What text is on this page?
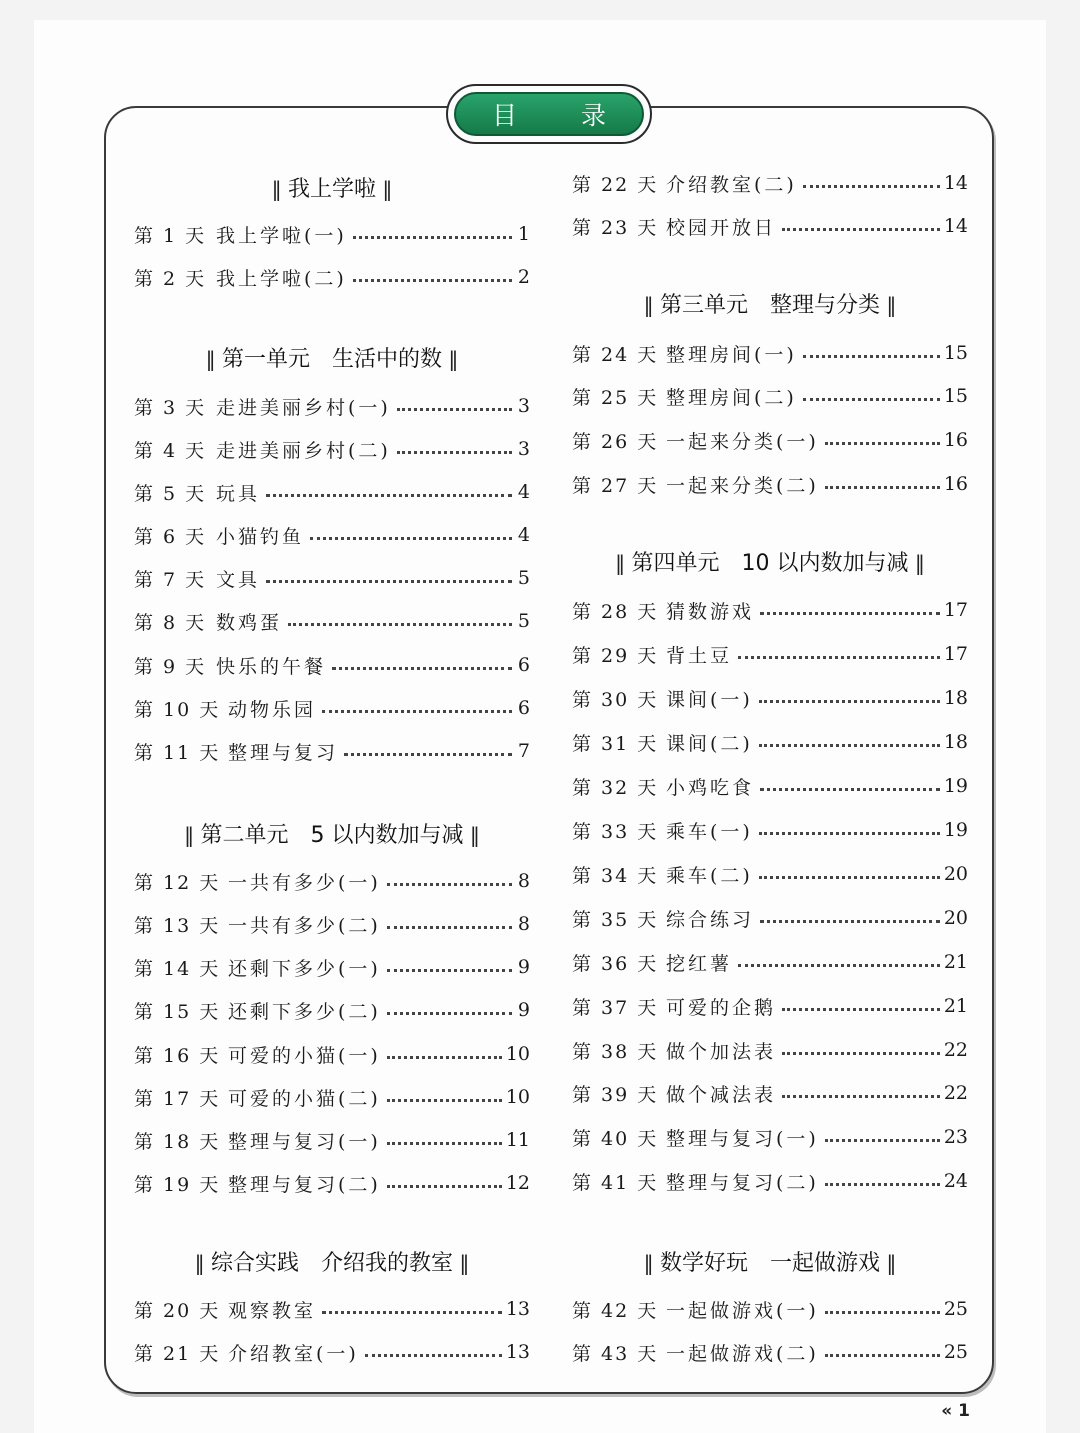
目 录
‖ 我上学啦 ‖
第 1 天 我上学啦(一)	1
第 2 天 我上学啦(二)	2
‖ 第一单元　生活中的数 ‖
第 3 天 走进美丽乡村(一)	3
第 4 天 走进美丽乡村(二)	3
第 5 天 玩具	4
第 6 天 小猫钓鱼	4
第 7 天 文具	5
第 8 天 数鸡蛋	5
第 9 天 快乐的午餐	6
第 10 天 动物乐园	6
第 11 天 整理与复习	7
‖ 第二单元　5 以内数加与减 ‖
第 12 天 一共有多少(一)	8
第 13 天 一共有多少(二)	8
第 14 天 还剩下多少(一)	9
第 15 天 还剩下多少(二)	9
第 16 天 可爱的小猫(一)	10
第 17 天 可爱的小猫(二)	10
第 18 天 整理与复习(一)	11
第 19 天 整理与复习(二)	12
‖ 综合实践　介绍我的教室 ‖
第 20 天 观察教室	13
第 21 天 介绍教室(一)	13
第 22 天 介绍教室(二)	14
第 23 天 校园开放日	14
‖ 第三单元　整理与分类 ‖
第 24 天 整理房间(一)	15
第 25 天 整理房间(二)	15
第 26 天 一起来分类(一)	16
第 27 天 一起来分类(二)	16
‖ 第四单元　10 以内数加与减 ‖
第 28 天 猜数游戏	17
第 29 天 背土豆	17
第 30 天 课间(一)	18
第 31 天 课间(二)	18
第 32 天 小鸡吃食	19
第 33 天 乘车(一)	19
第 34 天 乘车(二)	20
第 35 天 综合练习	20
第 36 天 挖红薯	21
第 37 天 可爱的企鹅	21
第 38 天 做个加法表	22
第 39 天 做个减法表	22
第 40 天 整理与复习(一)	23
第 41 天 整理与复习(二)	24
‖ 数学好玩　一起做游戏 ‖
第 42 天 一起做游戏(一)	25
第 43 天 一起做游戏(二)	25
« 1
